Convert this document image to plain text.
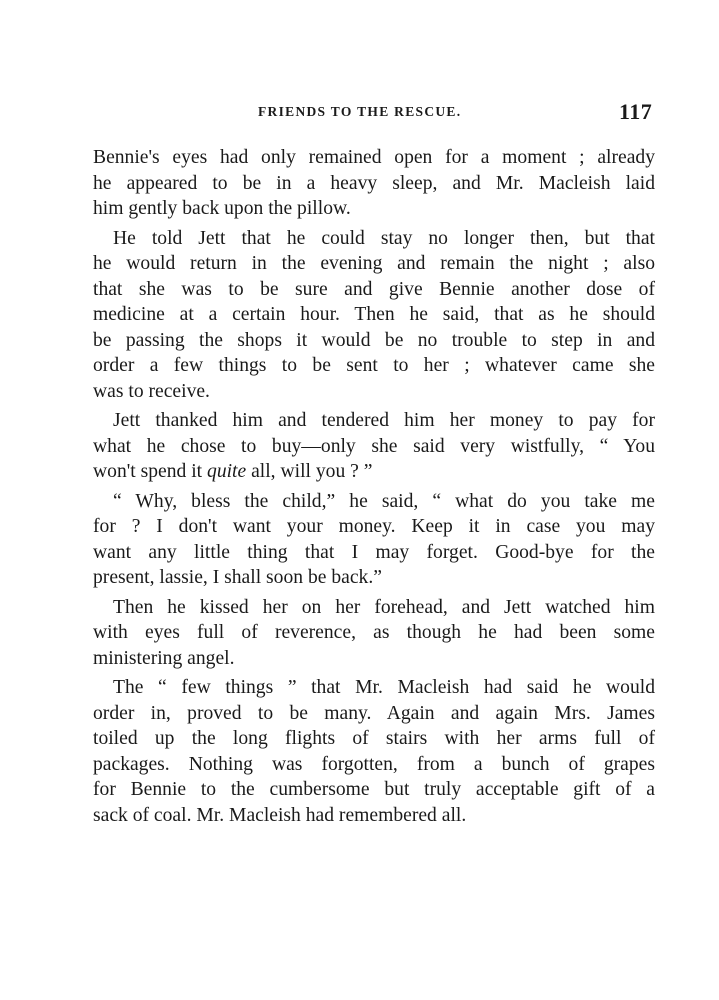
FRIENDS TO THE RESCUE.	117
Bennie's eyes had only remained open for a moment ; already
he appeared to be in a heavy sleep, and Mr. Macleish laid
him gently back upon the pillow.
He told Jett that he could stay no longer then, but that
he would return in the evening and remain the night ; also
that she was to be sure and give Bennie another dose of
medicine at a certain hour. Then he said, that as he should
be passing the shops it would be no trouble to step in and
order a few things to be sent to her ; whatever came she
was to receive.
Jett thanked him and tendered him her money to pay for
what he chose to buy—only she said very wistfully, “ You
won't spend it quite all, will you ? ”
“ Why, bless the child,” he said, “ what do you take me
for ? I don't want your money. Keep it in case you may
want any little thing that I may forget. Good-bye for the
present, lassie, I shall soon be back.”
Then he kissed her on her forehead, and Jett watched him
with eyes full of reverence, as though he had been some
ministering angel.
The “ few things ” that Mr. Macleish had said he would
order in, proved to be many. Again and again Mrs. James
toiled up the long flights of stairs with her arms full of
packages. Nothing was forgotten, from a bunch of grapes
for Bennie to the cumbersome but truly acceptable gift of a
sack of coal. Mr. Macleish had remembered all.
